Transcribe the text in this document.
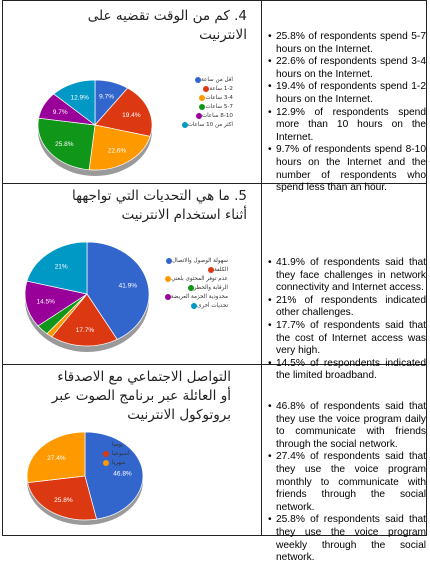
4. كم من الوقت تقضيه على
الانترنيت
9.7%
19.4%
22.6%
25.8%
9.7%
12.9%
اقل من ساعة
1-2 ساعة
3-4 ساعات
5-7 ساعات
8-10 ساعات
اكثر من 10 ساعات
• 25.8% of respondents spend 5-7 hours on the Internet.
• 22.6% of respondents spend 3-4 hours on the Internet.
• 19.4% of respondents spend 1-2 hours on the Internet.
• 12.9% of respondents spend more than 10 hours on the Internet.
• 9.7% of respondents spend 8-10 hours on the Internet and the number of respondents who spend less than an hour.
5. ما هي التحديات التي تواجهها
أثناء استخدام الانترنيت
41.9%
17.7%
14.5%
21%
سهولة الوصول والاتصال
الكلفة
عدم توفر المحتوى بلغتي
الرقابة والحظر
محدودية الحزمة العريضة
تحديات أخرى
• 41.9% of respondents said that they face challenges in network connectivity and Internet access.
• 21% of respondents indicated other challenges.
• 17.7% of respondents said that the cost of Internet access was very high.
• 14.5% of respondents indicated the limited broadband.
التواصل الاجتماعي مع الاصدقاء
أو العائلة عبر برنامج الصوت عبر
بروتوكول الانترنيت
46.8%
25.8%
27.4%
يوميا
اسبوعيا
شهريا
• 46.8% of respondents said that they use the voice program daily to communicate with friends through the social network.
• 27.4% of respondents said that they use the voice program monthly to communicate with friends through the social network.
• 25.8% of respondents said that they use the voice program weekly through the social network.
